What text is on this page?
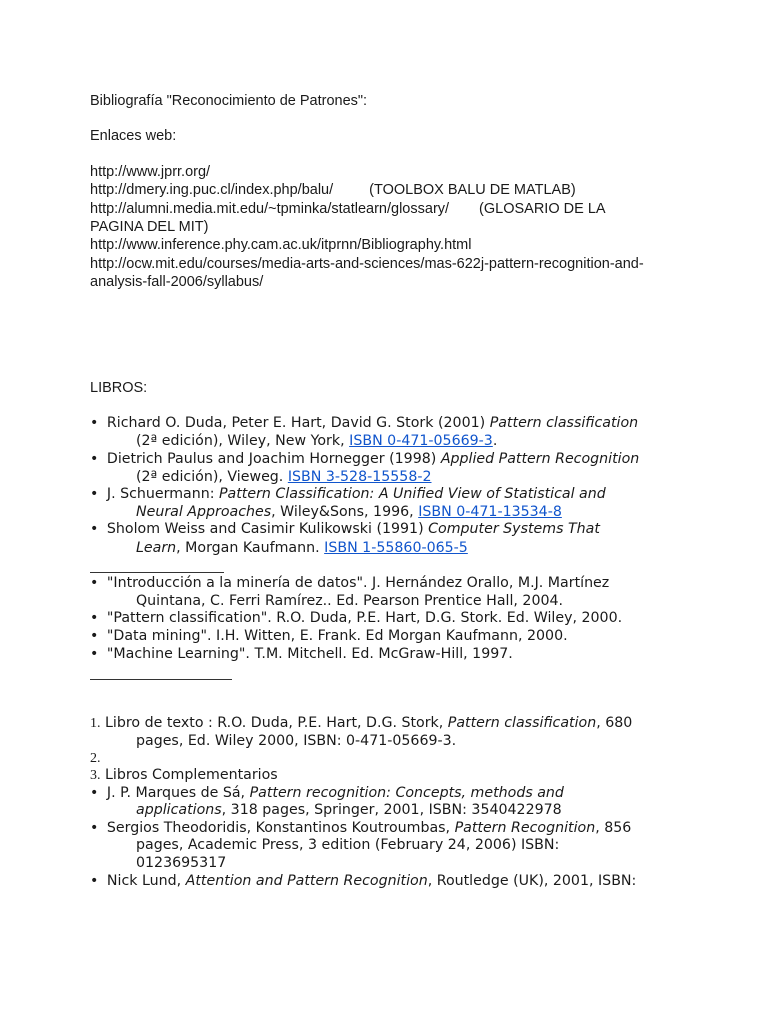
Bibliografía "Reconocimiento de Patrones":
Enlaces web:
http://www.jprr.org/
http://dmery.ing.puc.cl/index.php/balu/ (TOOLBOX BALU DE MATLAB)
http://alumni.media.mit.edu/~tpminka/statlearn/glossary/ (GLOSARIO DE LA
PAGINA DEL MIT)
http://www.inference.phy.cam.ac.uk/itprnn/Bibliography.html
http://ocw.mit.edu/courses/media-arts-and-sciences/mas-622j-pattern-recognition-and-
analysis-fall-2006/syllabus/
LIBROS:
• Richard O. Duda, Peter E. Hart, David G. Stork (2001) Pattern classification
(2ª edición), Wiley, New York, ISBN 0-471-05669-3.
• Dietrich Paulus and Joachim Hornegger (1998) Applied Pattern Recognition
(2ª edición), Vieweg. ISBN 3-528-15558-2
• J. Schuermann: Pattern Classification: A Unified View of Statistical and
Neural Approaches, Wiley&Sons, 1996, ISBN 0-471-13534-8
• Sholom Weiss and Casimir Kulikowski (1991) Computer Systems That
Learn, Morgan Kaufmann. ISBN 1-55860-065-5
• "Introducción a la minería de datos". J. Hernández Orallo, M.J. Martínez
Quintana, C. Ferri Ramírez.. Ed. Pearson Prentice Hall, 2004.
• "Pattern classification". R.O. Duda, P.E. Hart, D.G. Stork. Ed. Wiley, 2000.
• "Data mining". I.H. Witten, E. Frank. Ed Morgan Kaufmann, 2000.
• "Machine Learning". T.M. Mitchell. Ed. McGraw-Hill, 1997.
1. Libro de texto : R.O. Duda, P.E. Hart, D.G. Stork, Pattern classification, 680
pages, Ed. Wiley 2000, ISBN: 0-471-05669-3.
2.
3. Libros Complementarios
• J. P. Marques de Sá, Pattern recognition: Concepts, methods and
applications, 318 pages, Springer, 2001, ISBN: 3540422978
• Sergios Theodoridis, Konstantinos Koutroumbas, Pattern Recognition, 856
pages, Academic Press, 3 edition (February 24, 2006) ISBN:
0123695317
• Nick Lund, Attention and Pattern Recognition, Routledge (UK), 2001, ISBN:
